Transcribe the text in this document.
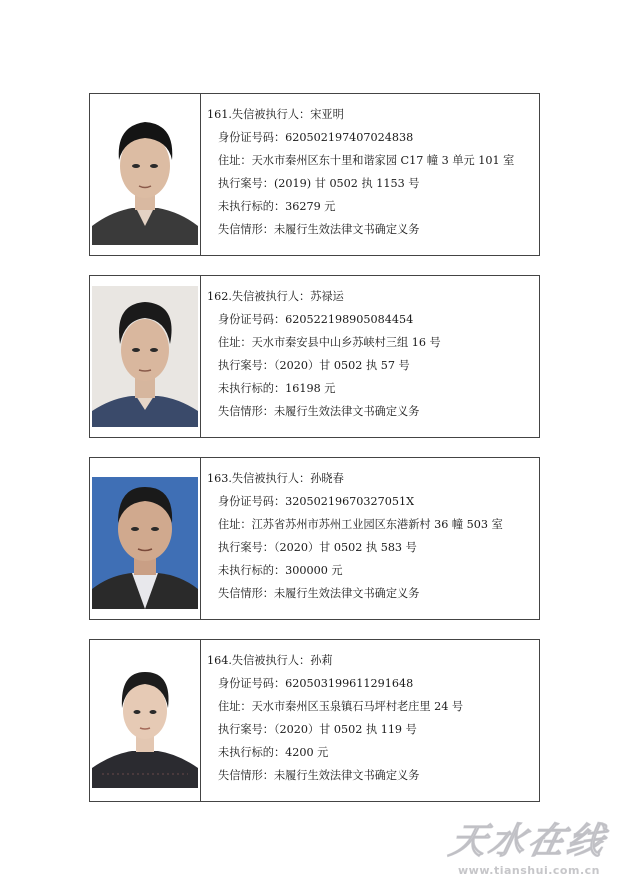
161.失信被执行人：宋亚明
身份证号码：620502197407024838
住址：天水市秦州区东十里和谐家园 C17 幢 3 单元 101 室
执行案号：(2019) 甘 0502 执 1153 号
未执行标的：36279 元
失信情形：未履行生效法律文书确定义务
162.失信被执行人：苏禄运
身份证号码：620522198905084454
住址：天水市秦安县中山乡苏峡村三组 16 号
执行案号：（2020）甘 0502 执 57 号
未执行标的：16198 元
失信情形：未履行生效法律文书确定义务
163.失信被执行人：孙晓春
身份证号码：32050219670327051X
住址：江苏省苏州市苏州工业园区东港新村 36 幢 503 室
执行案号：（2020）甘 0502 执 583 号
未执行标的：300000 元
失信情形：未履行生效法律文书确定义务
164.失信被执行人：孙莉
身份证号码：620503199611291648
住址：天水市秦州区玉泉镇石马坪村老庄里 24 号
执行案号：（2020）甘 0502 执 119 号
未执行标的：4200 元
失信情形：未履行生效法律文书确定义务
天水在线
www.tianshui.com.cn
